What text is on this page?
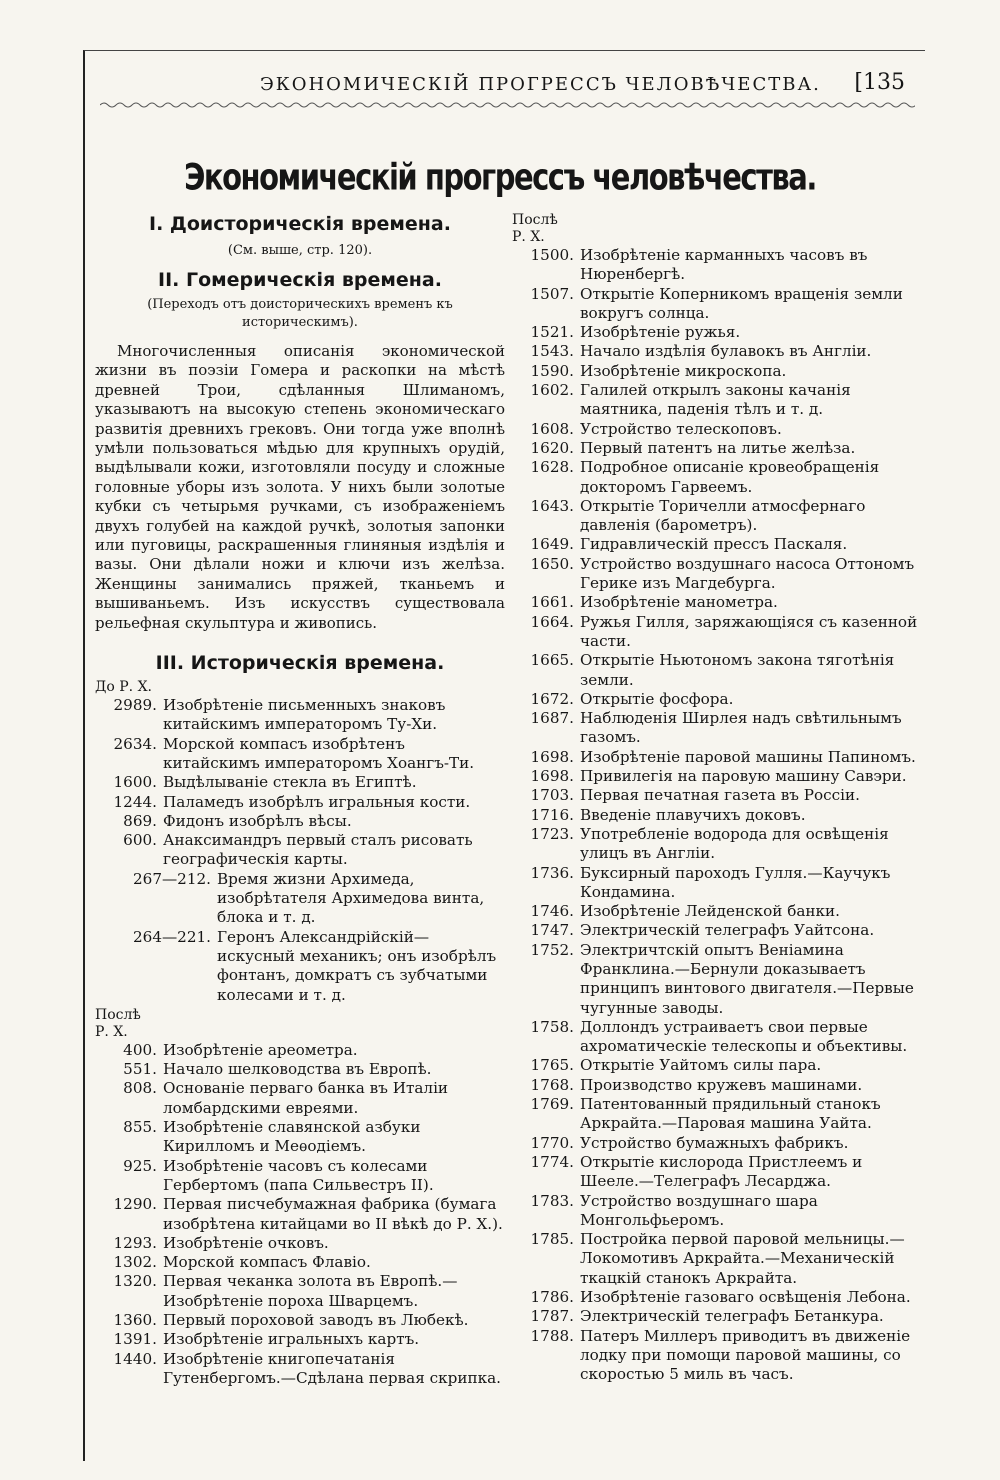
ЭКОНОМИЧЕСКІЙ ПРОГРЕССЪ ЧЕЛОВѢЧЕСТВА. [135
Экономическій прогрессъ человѣчества.
I. Доисторическія времена.
(См. выше, стр. 120).
II. Гомерическія времена.
(Переходъ отъ доисторическихъ временъ къ историческимъ).
Многочисленныя описанія экономической жизни въ поэзіи Гомера и раскопки на мѣстѣ древней Трои, сдѣланныя Шлиманомъ, указываютъ на высокую степень экономическаго развитія древнихъ грековъ. Они тогда уже вполнѣ умѣли пользоваться мѣдью для крупныхъ орудій, выдѣлывали кожи, изготовляли посуду и сложные головные уборы изъ золота. У нихъ были золотые кубки съ четырьмя ручками, съ изображеніемъ двухъ голубей на каждой ручкѣ, золотыя запонки или пуговицы, раскрашенныя глиняныя издѣлія и вазы. Они дѣлали ножи и ключи изъ желѣза. Женщины занимались пряжей, тканьемъ и вышиваньемъ. Изъ искусствъ существовала рельефная скульптура и живопись.
III. Историческія времена.
До Р. Х.
2989. Изобрѣтеніе письменныхъ знаковъ китайскимъ императоромъ Ту-Хи.
2634. Морской компасъ изобрѣтенъ китайскимъ императоромъ Хоангъ-Ти.
1600. Выдѣлываніе стекла въ Египтѣ.
1244. Паламедъ изобрѣлъ игральныя кости.
869. Фидонъ изобрѣлъ вѣсы.
600. Анаксимандръ первый сталъ рисовать географическія карты.
267—212. Время жизни Архимеда, изобрѣтателя Архимедова винта, блока и т. д.
264—221. Геронъ Александрійскій—искусный механикъ; онъ изобрѣлъ фонтанъ, домкратъ съ зубчатыми колесами и т. д.
Послѣ
Р. Х.
400. Изобрѣтеніе ареометра.
551. Начало шелководства въ Европѣ.
808. Основаніе перваго банка въ Италіи ломбардскими евреями.
855. Изобрѣтеніе славянской азбуки Кирилломъ и Меѳодіемъ.
925. Изобрѣтеніе часовъ съ колесами Гербертомъ (папа Сильвестръ II).
1290. Первая писчебумажная фабрика (бумага изобрѣтена китайцами во II вѣкѣ до Р. Х.).
1293. Изобрѣтеніе очковъ.
1302. Морской компасъ Флавіо.
1320. Первая чеканка золота въ Европѣ.—Изобрѣтеніе пороха Шварцемъ.
1360. Первый пороховой заводъ въ Любекѣ.
1391. Изобрѣтеніе игральныхъ картъ.
1440. Изобрѣтеніе книгопечатанія Гутенбергомъ.—Сдѣлана первая скрипка.
Послѣ
Р. Х.
1500. Изобрѣтеніе карманныхъ часовъ въ Нюренбергѣ.
1507. Открытіе Коперникомъ вращенія земли вокругъ солнца.
1521. Изобрѣтеніе ружья.
1543. Начало издѣлія булавокъ въ Англіи.
1590. Изобрѣтеніе микроскопа.
1602. Галилей открылъ законы качанія маятника, паденія тѣлъ и т. д.
1608. Устройство телескоповъ.
1620. Первый патентъ на литье желѣза.
1628. Подробное описаніе кровеобращенія докторомъ Гарвеемъ.
1643. Открытіе Торичелли атмосфернаго давленія (барометръ).
1649. Гидравлическій прессъ Паскаля.
1650. Устройство воздушнаго насоса Оттономъ Герике изъ Магдебурга.
1661. Изобрѣтеніе манометра.
1664. Ружья Гилля, заряжающіяся съ казенной части.
1665. Открытіе Ньютономъ закона тяготѣнія земли.
1672. Открытіе фосфора.
1687. Наблюденія Ширлея надъ свѣтильнымъ газомъ.
1698. Изобрѣтеніе паровой машины Папиномъ.
1698. Привилегія на паровую машину Савэри.
1703. Первая печатная газета въ Россіи.
1716. Введеніе плавучихъ доковъ.
1723. Употребленіе водорода для освѣщенія улицъ въ Англіи.
1736. Буксирный пароходъ Гулля.—Каучукъ Кондамина.
1746. Изобрѣтеніе Лейденской банки.
1747. Электрическій телеграфъ Уайтсона.
1752. Электричтскій опытъ Веніамина Франклина.—Бернули доказываетъ принципъ винтового двигателя.—Первые чугунные заводы.
1758. Доллондъ устраиваетъ свои первые ахроматическіе телескопы и объективы.
1765. Открытіе Уайтомъ силы пара.
1768. Производство кружевъ машинами.
1769. Патентованный прядильный станокъ Аркрайта.—Паровая машина Уайта.
1770. Устройство бумажныхъ фабрикъ.
1774. Открытіе кислорода Пристлеемъ и Шееле.—Телеграфъ Лесарджа.
1783. Устройство воздушнаго шара Монгольфьеромъ.
1785. Постройка первой паровой мельницы.—Локомотивъ Аркрайта.—Механическій ткацкій станокъ Аркрайта.
1786. Изобрѣтеніе газоваго освѣщенія Лебона.
1787. Электрическій телеграфъ Бетанкура.
1788. Патеръ Миллеръ приводитъ въ движеніе лодку при помощи паровой машины, со скоростью 5 миль въ часъ.
